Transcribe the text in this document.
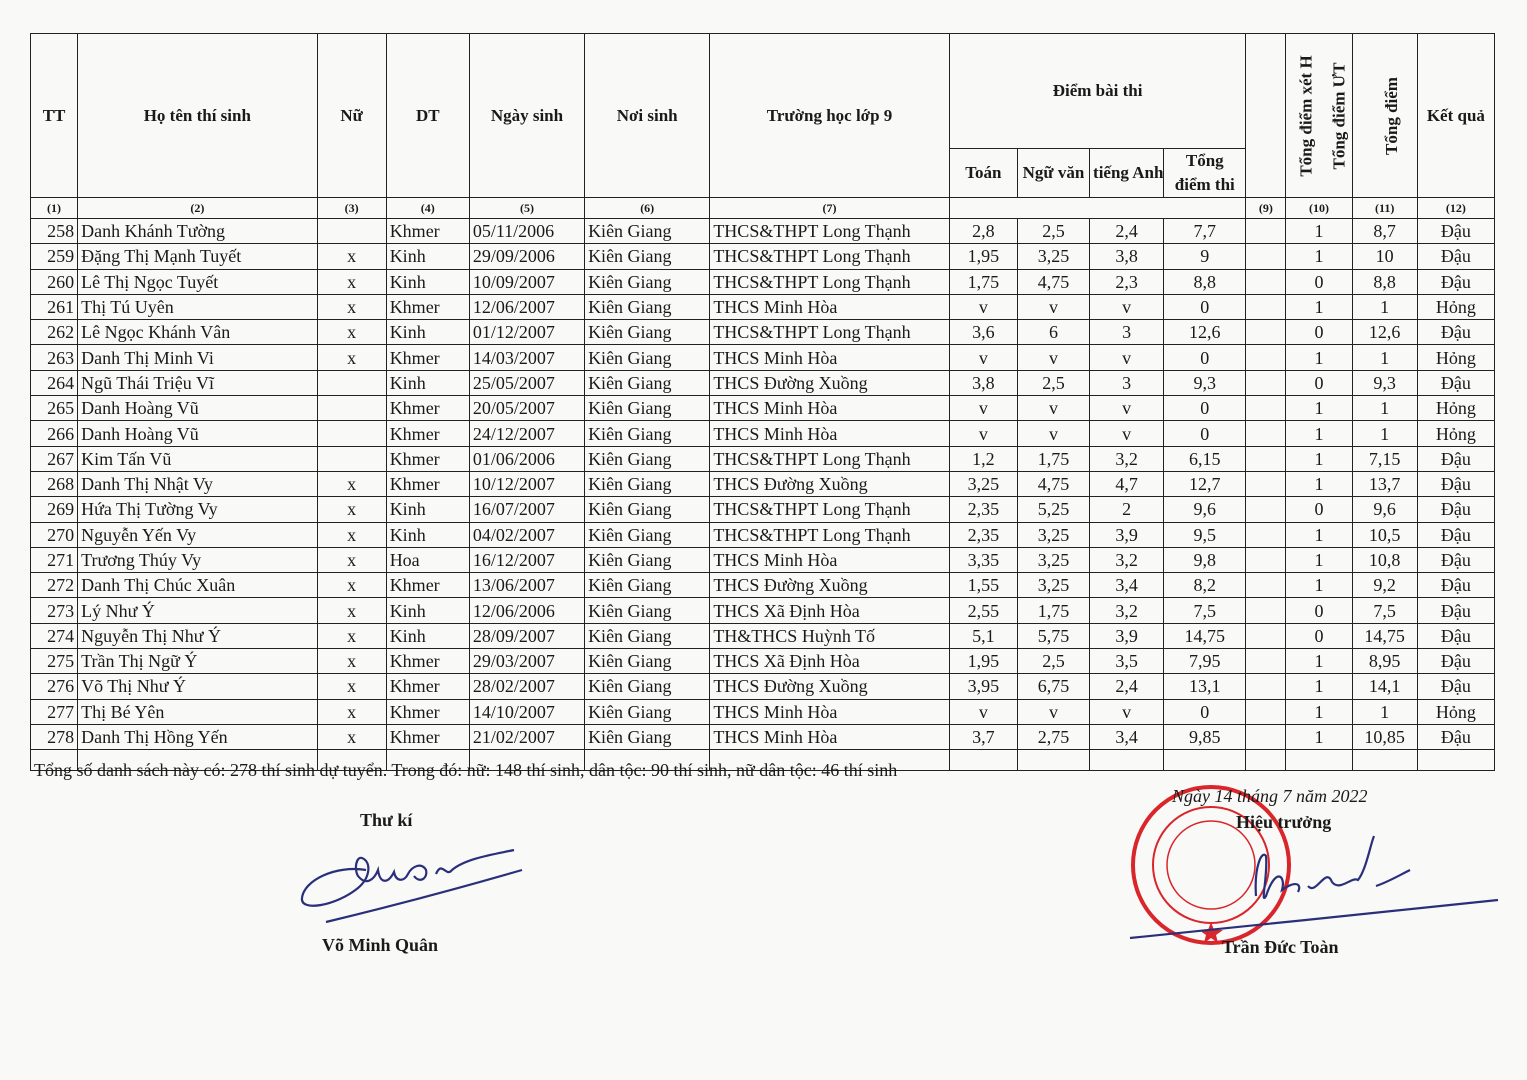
TT	Họ tên thí sinh	Nữ	DT	Ngày sinh	Nơi sinh	Trường học lớp 9	Điểm bài thi				Tổng điểm xét H	Tổng điểm ƯT	Tổng điểm	Kết quả
							Toán	Ngữ văn	tiếng Anh	Tổng điểm thi				
(1)	(2)	(3)	(4)	(5)	(6)	(7)					(9)	(10)	(11)	(12)
258	Danh Khánh Tường		Khmer	05/11/2006	Kiên Giang	THCS&THPT Long Thạnh	2,8	2,5	2,4	7,7		1	8,7	Đậu
259	Đặng Thị Mạnh Tuyết	x	Kinh	29/09/2006	Kiên Giang	THCS&THPT Long Thạnh	1,95	3,25	3,8	9		1	10	Đậu
260	Lê Thị Ngọc Tuyết	x	Kinh	10/09/2007	Kiên Giang	THCS&THPT Long Thạnh	1,75	4,75	2,3	8,8		0	8,8	Đậu
261	Thị Tú Uyên	x	Khmer	12/06/2007	Kiên Giang	THCS Minh Hòa	v	v	v	0		1	1	Hỏng
262	Lê Ngọc Khánh Vân	x	Kinh	01/12/2007	Kiên Giang	THCS&THPT Long Thạnh	3,6	6	3	12,6		0	12,6	Đậu
263	Danh Thị Minh Vi	x	Khmer	14/03/2007	Kiên Giang	THCS Minh Hòa	v	v	v	0		1	1	Hỏng
264	Ngũ Thái Triệu Vĩ		Kinh	25/05/2007	Kiên Giang	THCS Đường Xuồng	3,8	2,5	3	9,3		0	9,3	Đậu
265	Danh Hoàng Vũ		Khmer	20/05/2007	Kiên Giang	THCS Minh Hòa	v	v	v	0		1	1	Hỏng
266	Danh Hoàng Vũ		Khmer	24/12/2007	Kiên Giang	THCS Minh Hòa	v	v	v	0		1	1	Hỏng
267	Kim Tấn Vũ		Khmer	01/06/2006	Kiên Giang	THCS&THPT Long Thạnh	1,2	1,75	3,2	6,15		1	7,15	Đậu
268	Danh Thị Nhật Vy	x	Khmer	10/12/2007	Kiên Giang	THCS Đường Xuồng	3,25	4,75	4,7	12,7		1	13,7	Đậu
269	Hứa Thị Tường Vy	x	Kinh	16/07/2007	Kiên Giang	THCS&THPT Long Thạnh	2,35	5,25	2	9,6		0	9,6	Đậu
270	Nguyễn Yến Vy	x	Kinh	04/02/2007	Kiên Giang	THCS&THPT Long Thạnh	2,35	3,25	3,9	9,5		1	10,5	Đậu
271	Trương Thúy Vy	x	Hoa	16/12/2007	Kiên Giang	THCS Minh Hòa	3,35	3,25	3,2	9,8		1	10,8	Đậu
272	Danh Thị Chúc Xuân	x	Khmer	13/06/2007	Kiên Giang	THCS Đường Xuồng	1,55	3,25	3,4	8,2		1	9,2	Đậu
273	Lý Như Ý	x	Kinh	12/06/2006	Kiên Giang	THCS Xã Định Hòa	2,55	1,75	3,2	7,5		0	7,5	Đậu
274	Nguyễn Thị Như Ý	x	Kinh	28/09/2007	Kiên Giang	TH&THCS Huỳnh Tố	5,1	5,75	3,9	14,75		0	14,75	Đậu
275	Trần Thị Ngữ Ý	x	Khmer	29/03/2007	Kiên Giang	THCS Xã Định Hòa	1,95	2,5	3,5	7,95		1	8,95	Đậu
276	Võ Thị Như Ý	x	Khmer	28/02/2007	Kiên Giang	THCS Đường Xuồng	3,95	6,75	2,4	13,1		1	14,1	Đậu
277	Thị Bé Yên	x	Khmer	14/10/2007	Kiên Giang	THCS Minh Hòa	v	v	v	0		1	1	Hỏng
278	Danh Thị Hồng Yến	x	Khmer	21/02/2007	Kiên Giang	THCS Minh Hòa	3,7	2,75	3,4	9,85		1	10,85	Đậu

Tổng số danh sách này có: 278 thí sinh dự tuyển. Trong đó: nữ: 148 thí sinh, dân tộc: 90 thí sinh, nữ dân tộc: 46 thí sinh
Thư kí
Võ Minh Quân
Ngày 14 tháng 7 năm 2022
Hiệu trưởng
Trần Đức Toàn
